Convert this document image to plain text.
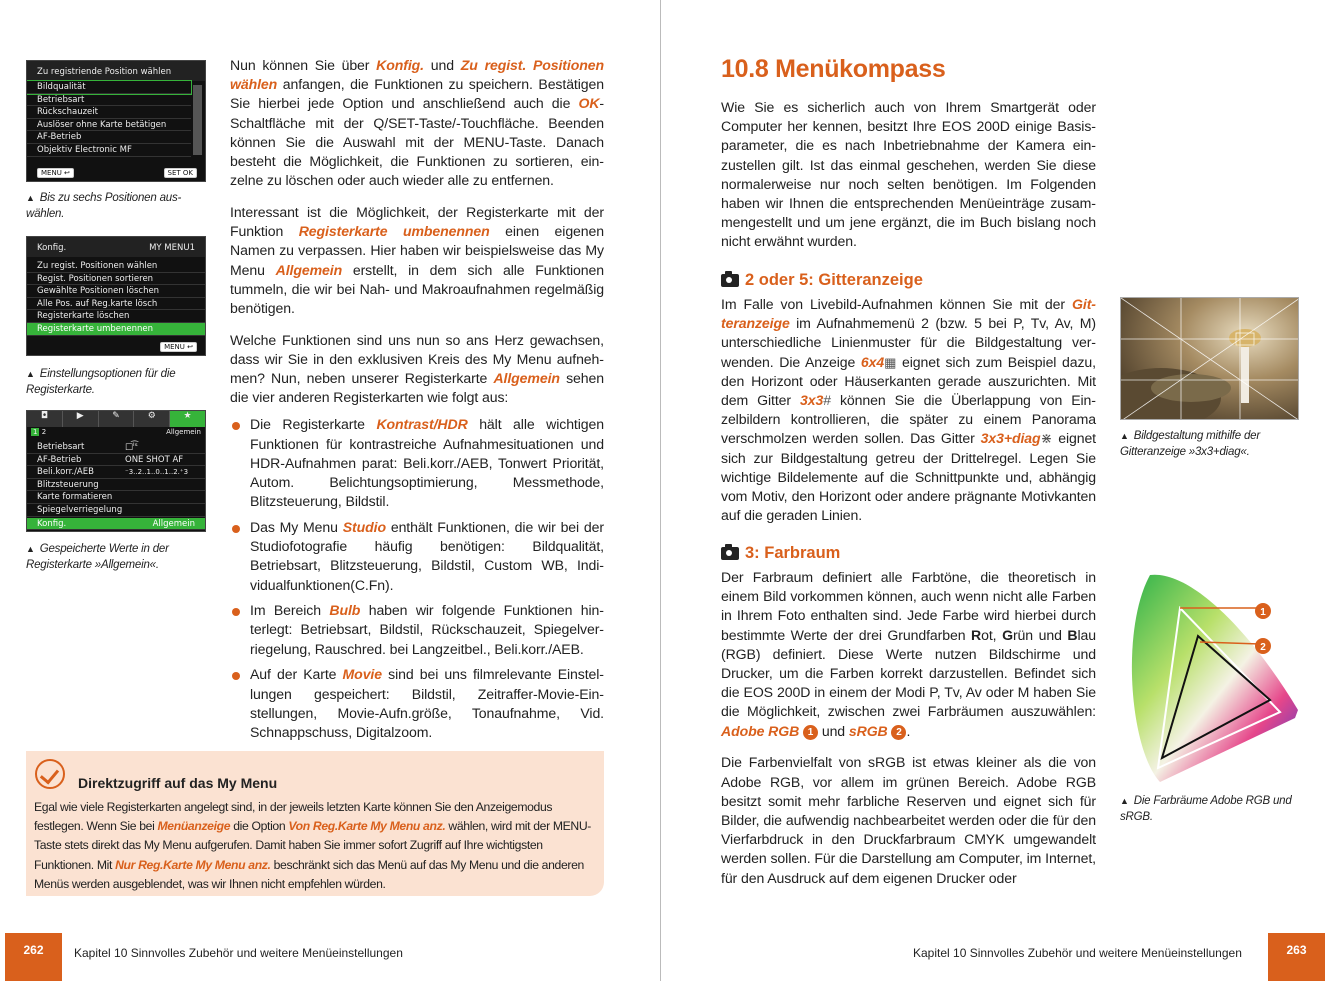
Zu registriende Position wählen
Bildqualität
Betriebsart
Rückschauzeit
Auslöser ohne Karte betätigen
AF-Betrieb
Objektiv Electronic MF
MENU ↩	SET OK
▲ Bis zu sechs Positionen auswählen.
Konfig.	MY MENU1
Zu regist. Positionen wählen
Regist. Positionen sortieren
Gewählte Positionen löschen
Alle Pos. auf Reg.karte lösch
Registerkarte löschen
Registerkarte umbenennen
MENU ↩
▲ Einstellungsoptionen für die Registerkarte.
◘	▶	✎	⚙	★
1 2	Allgemein
Betriebsart	□ᴵ͡ˢ
AF-Betrieb	ONE SHOT AF
Beli.korr./AEB	⁻3..2..1..0..1..2.⁺3
Blitzsteuerung
Karte formatieren
Spiegelverriegelung
Konfig.	Allgemein
▲ Gespeicherte Werte in der Registerkarte »Allgemein«.

Nun können Sie über Konfig. und Zu regist. Positionen wählen anfangen, die Funktionen zu speichern. Bestätigen Sie hierbei jede Option und anschließend auch die OK-Schaltfläche mit der Q/SET-Taste/-Touchfläche. Beenden können Sie die Auswahl mit der MENU-Taste. Danach besteht die Möglichkeit, die Funktionen zu sortieren, einzelne zu löschen oder auch wieder alle zu entfernen.

Interessant ist die Möglichkeit, der Registerkarte mit der Funktion Registerkarte umbenennen einen eigenen Namen zu verpassen. Hier haben wir beispielsweise das My Menu Allgemein erstellt, in dem sich alle Funktionen tummeln, die wir bei Nah- und Makroaufnahmen regelmäßig benötigen.

Welche Funktionen sind uns nun so ans Herz gewachsen, dass wir Sie in den exklusiven Kreis des My Menu aufnehmen? Nun, neben unserer Registerkarte Allgemein sehen die vier anderen Registerkarten wie folgt aus:

Die Registerkarte Kontrast/HDR hält alle wichtigen Funktionen für kontrastreiche Aufnahmesituationen und HDR-Aufnahmen parat: Beli.korr./AEB, Tonwert Priorität, Autom. Belichtungsoptimierung, Messmethode, Blitzsteuerung, Bildstil.
Das My Menu Studio enthält Funktionen, die wir bei der Studiofotografie häufig benötigen: Bildqualität, Betriebsart, Blitzsteuerung, Bildstil, Custom WB, Individualfunktionen(C.Fn).
Im Bereich Bulb haben wir folgende Funktionen hinterlegt: Betriebsart, Bildstil, Rückschauzeit, Spiegelverriegelung, Rauschred. bei Langzeitbel., Beli.korr./AEB.
Auf der Karte Movie sind bei uns filmrelevante Einstellungen gespeichert: Bildstil, Zeitraffer-Movie-Einstellungen, Movie-Aufn.größe, Tonaufnahme, Vid. Schnappschuss, Digitalzoom.
Direktzugriff auf das My Menu
Egal wie viele Registerkarten angelegt sind, in der jeweils letzten Karte können Sie den Anzeigemodus festlegen. Wenn Sie bei Menüanzeige die Option Von Reg.Karte My Menu anz. wählen, wird mit der MENU-Taste stets direkt das My Menu aufgerufen. Damit haben Sie immer sofort Zugriff auf Ihre wichtigsten Funktionen. Mit Nur Reg.Karte My Menu anz. beschränkt sich das Menü auf das My Menu und die anderen Menüs werden ausgeblendet, was wir Ihnen nicht empfehlen würden.
262	Kapitel 10 Sinnvolles Zubehör und weitere Menüeinstellungen
10.8 Menükompass

Wie Sie es sicherlich auch von Ihrem Smartgerät oder Computer her kennen, besitzt Ihre EOS 200D einige Basisparameter, die es nach Inbetriebnahme der Kamera einzustellen gilt. Ist das einmal geschehen, werden Sie diese normalerweise nur noch selten benötigen. Im Folgenden haben wir Ihnen die entsprechenden Menüeinträge zusammengestellt und um jene ergänzt, die im Buch bislang noch nicht erwähnt wurden.

2 oder 5: Gitteranzeige

Im Falle von Livebild-Aufnahmen können Sie mit der Gitteranzeige im Aufnahmemenü 2 (bzw. 5 bei P, Tv, Av, M) unterschiedliche Linienmuster für die Bildgestaltung verwenden. Die Anzeige 6x4▦ eignet sich zum Beispiel dazu, den Horizont oder Häuserkanten gerade auszurichten. Mit dem Gitter 3x3# können Sie die Überlappung von Einzelbildern kontrollieren, die später zu einem Panorama verschmolzen werden sollen. Das Gitter 3x3+diag⋇ eignet sich zur Bildgestaltung getreu der Drittelregel. Legen Sie wichtige Bildelemente auf die Schnittpunkte und, abhängig vom Motiv, den Horizont oder andere prägnante Motivkanten auf die geraden Linien.

▲ Bildgestaltung mithilfe der Gitteranzeige »3x3+diag«.
3: Farbraum

Der Farbraum definiert alle Farbtöne, die theoretisch in einem Bild vorkommen können, auch wenn nicht alle Farben in Ihrem Foto enthalten sind. Jede Farbe wird hierbei durch bestimmte Werte der drei Grundfarben Rot, Grün und Blau (RGB) definiert. Diese Werte nutzen Bildschirme und Drucker, um die Farben korrekt darzustellen. Befindet sich die EOS 200D in einem der Modi P, Tv, Av oder M haben Sie die Möglichkeit, zwischen zwei Farbräumen auszuwählen: Adobe RGB 1 und sRGB 2 .

Die Farbenvielfalt von sRGB ist etwas kleiner als die von Adobe RGB, vor allem im grünen Bereich. Adobe RGB besitzt somit mehr farbliche Reserven und eignet sich für Bilder, die aufwendig nachbearbeitet werden oder die für den Vierfarbdruck in den Druckfarbraum CMYK umgewandelt werden sollen. Für die Darstellung am Computer, im Internet, für den Ausdruck auf dem eigenen Drucker oder

1
2
▲ Die Farbräume Adobe RGB und sRGB.
Kapitel 10 Sinnvolles Zubehör und weitere Menüeinstellungen	263
